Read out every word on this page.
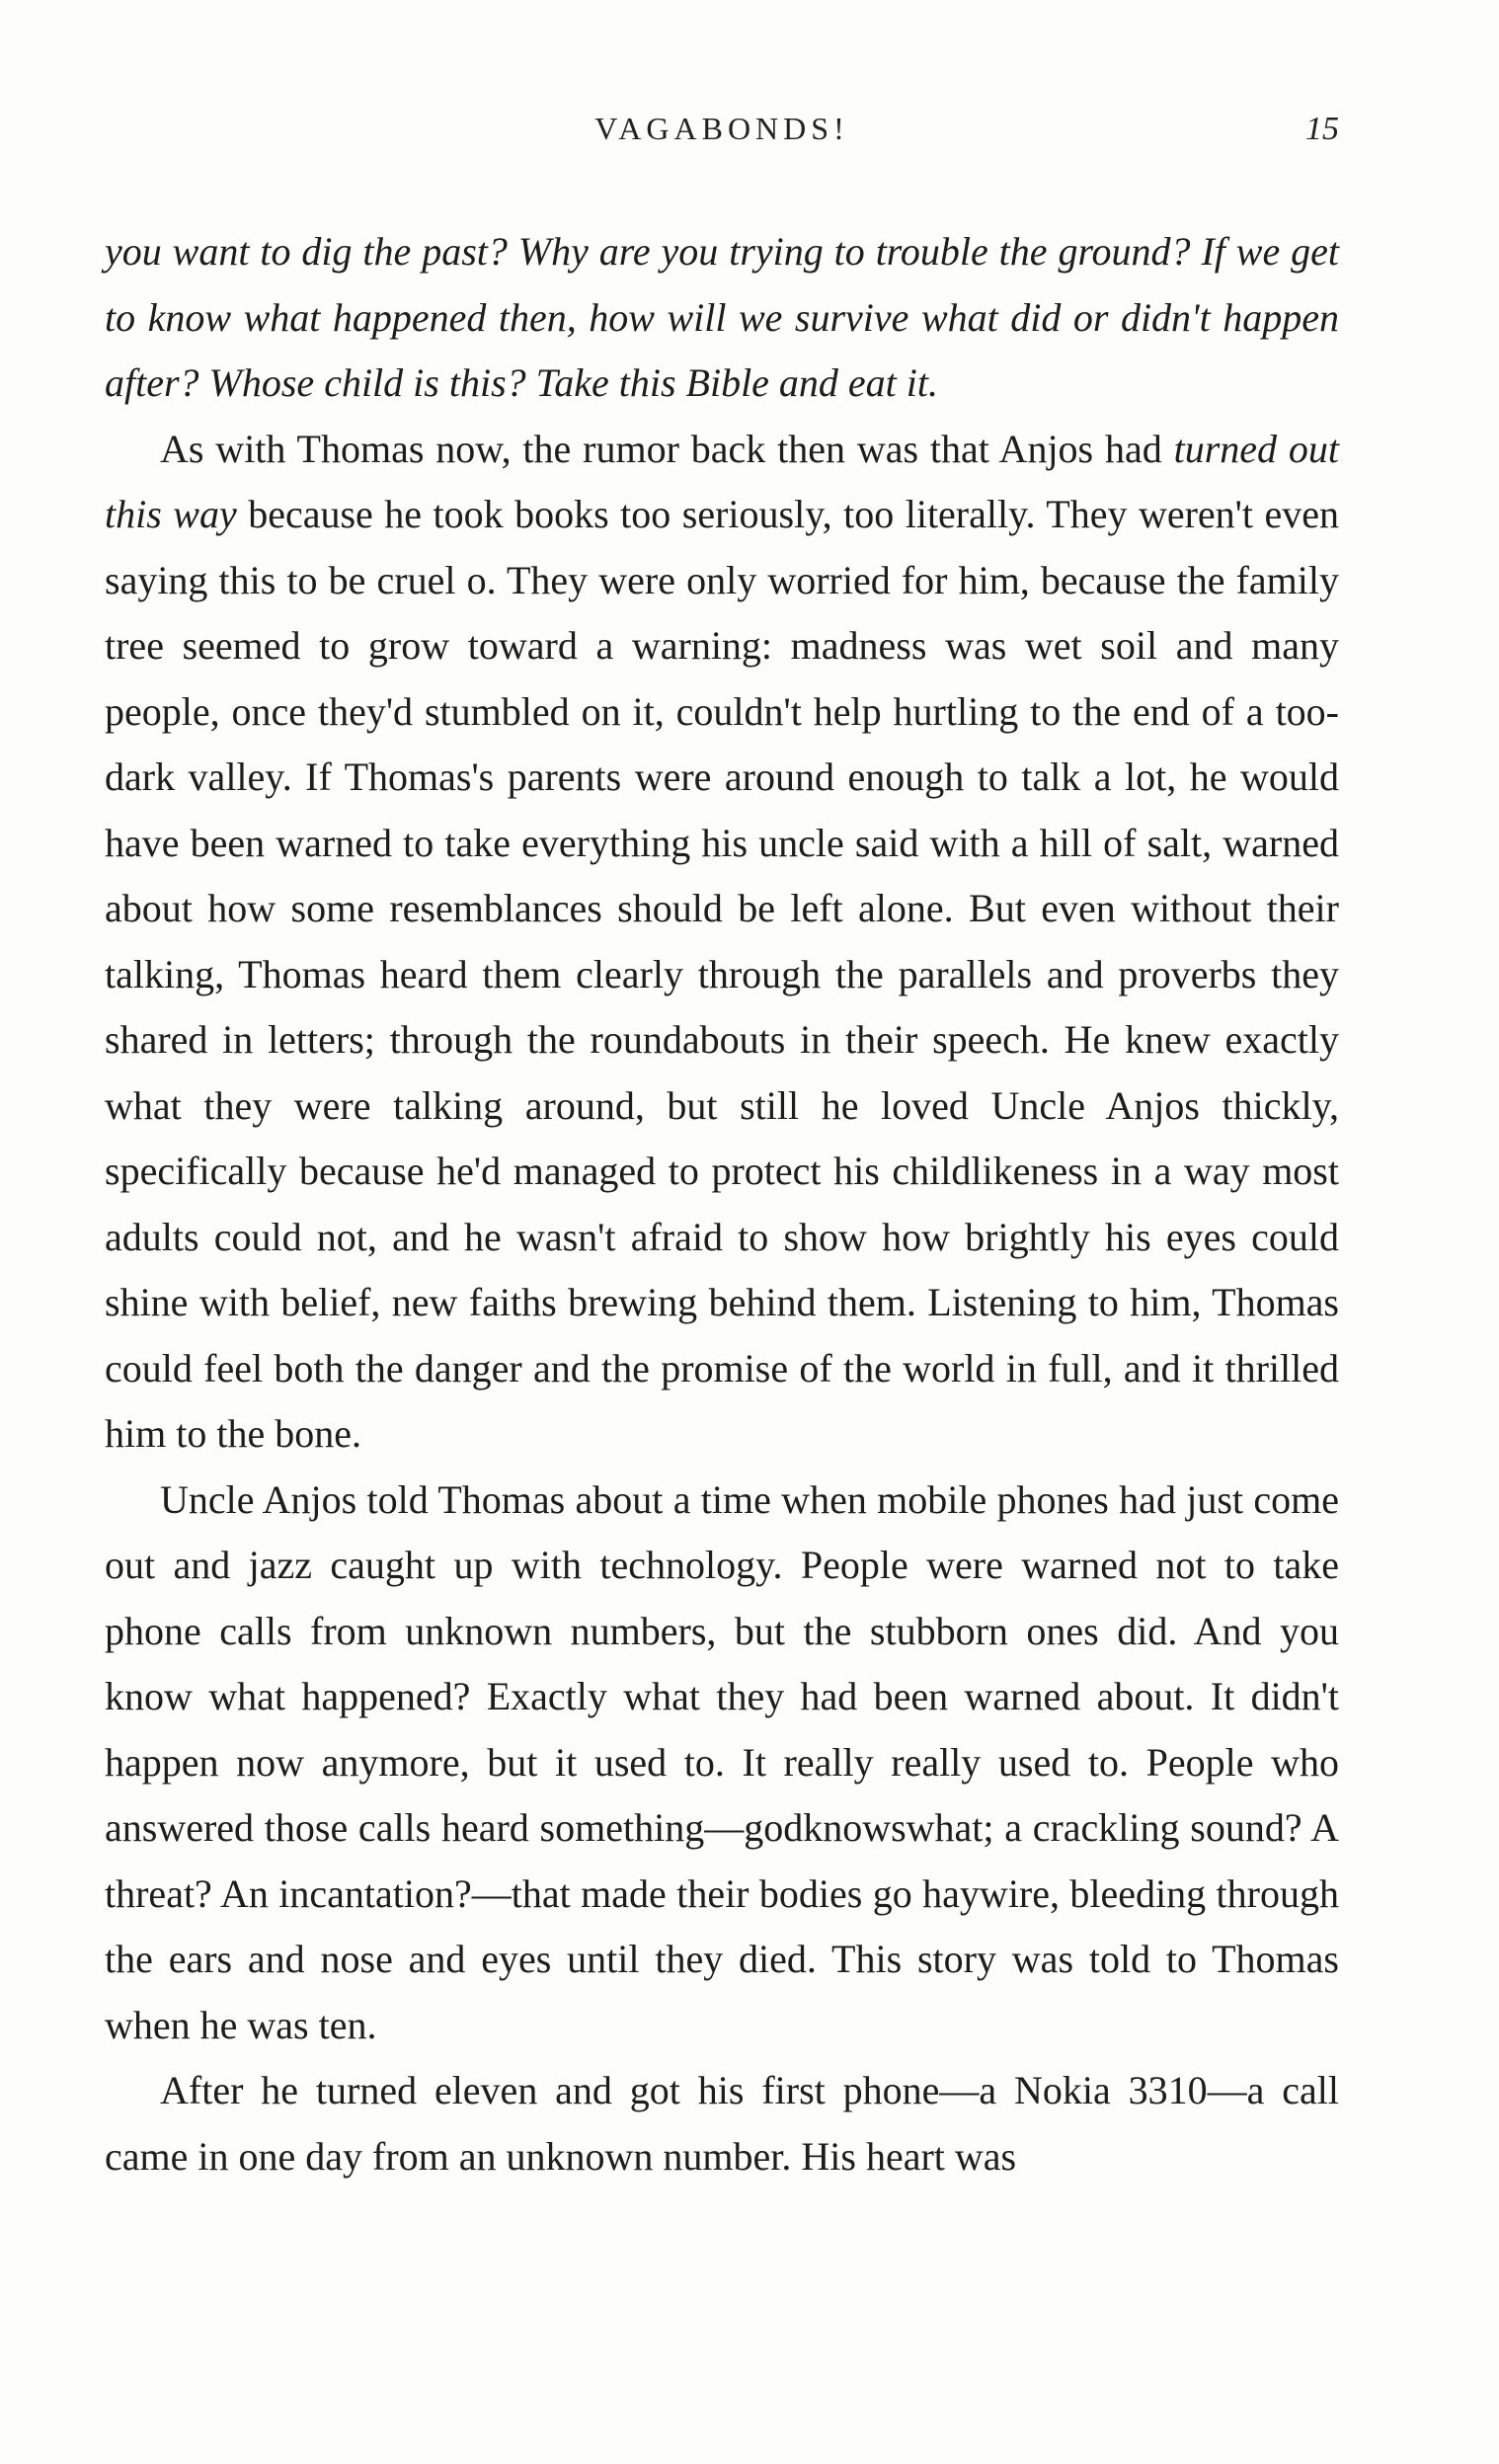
VAGABONDS!	15

you want to dig the past? Why are you trying to trouble the ground? If we get to know what happened then, how will we survive what did or didn't happen after? Whose child is this? Take this Bible and eat it.

As with Thomas now, the rumor back then was that Anjos had turned out this way because he took books too seriously, too literally. They weren't even saying this to be cruel o. They were only worried for him, because the family tree seemed to grow toward a warning: madness was wet soil and many people, once they'd stumbled on it, couldn't help hurtling to the end of a too-dark valley. If Thomas's parents were around enough to talk a lot, he would have been warned to take everything his uncle said with a hill of salt, warned about how some resemblances should be left alone. But even without their talking, Thomas heard them clearly through the parallels and proverbs they shared in letters; through the roundabouts in their speech. He knew exactly what they were talking around, but still he loved Uncle Anjos thickly, specifically because he'd managed to protect his childlikeness in a way most adults could not, and he wasn't afraid to show how brightly his eyes could shine with belief, new faiths brewing behind them. Listening to him, Thomas could feel both the danger and the promise of the world in full, and it thrilled him to the bone.

Uncle Anjos told Thomas about a time when mobile phones had just come out and jazz caught up with technology. People were warned not to take phone calls from unknown numbers, but the stubborn ones did. And you know what happened? Exactly what they had been warned about. It didn't happen now anymore, but it used to. It really really used to. People who answered those calls heard something—godknowswhat; a crackling sound? A threat? An incantation?—that made their bodies go haywire, bleeding through the ears and nose and eyes until they died. This story was told to Thomas when he was ten.

After he turned eleven and got his first phone—a Nokia 3310—a call came in one day from an unknown number. His heart was
